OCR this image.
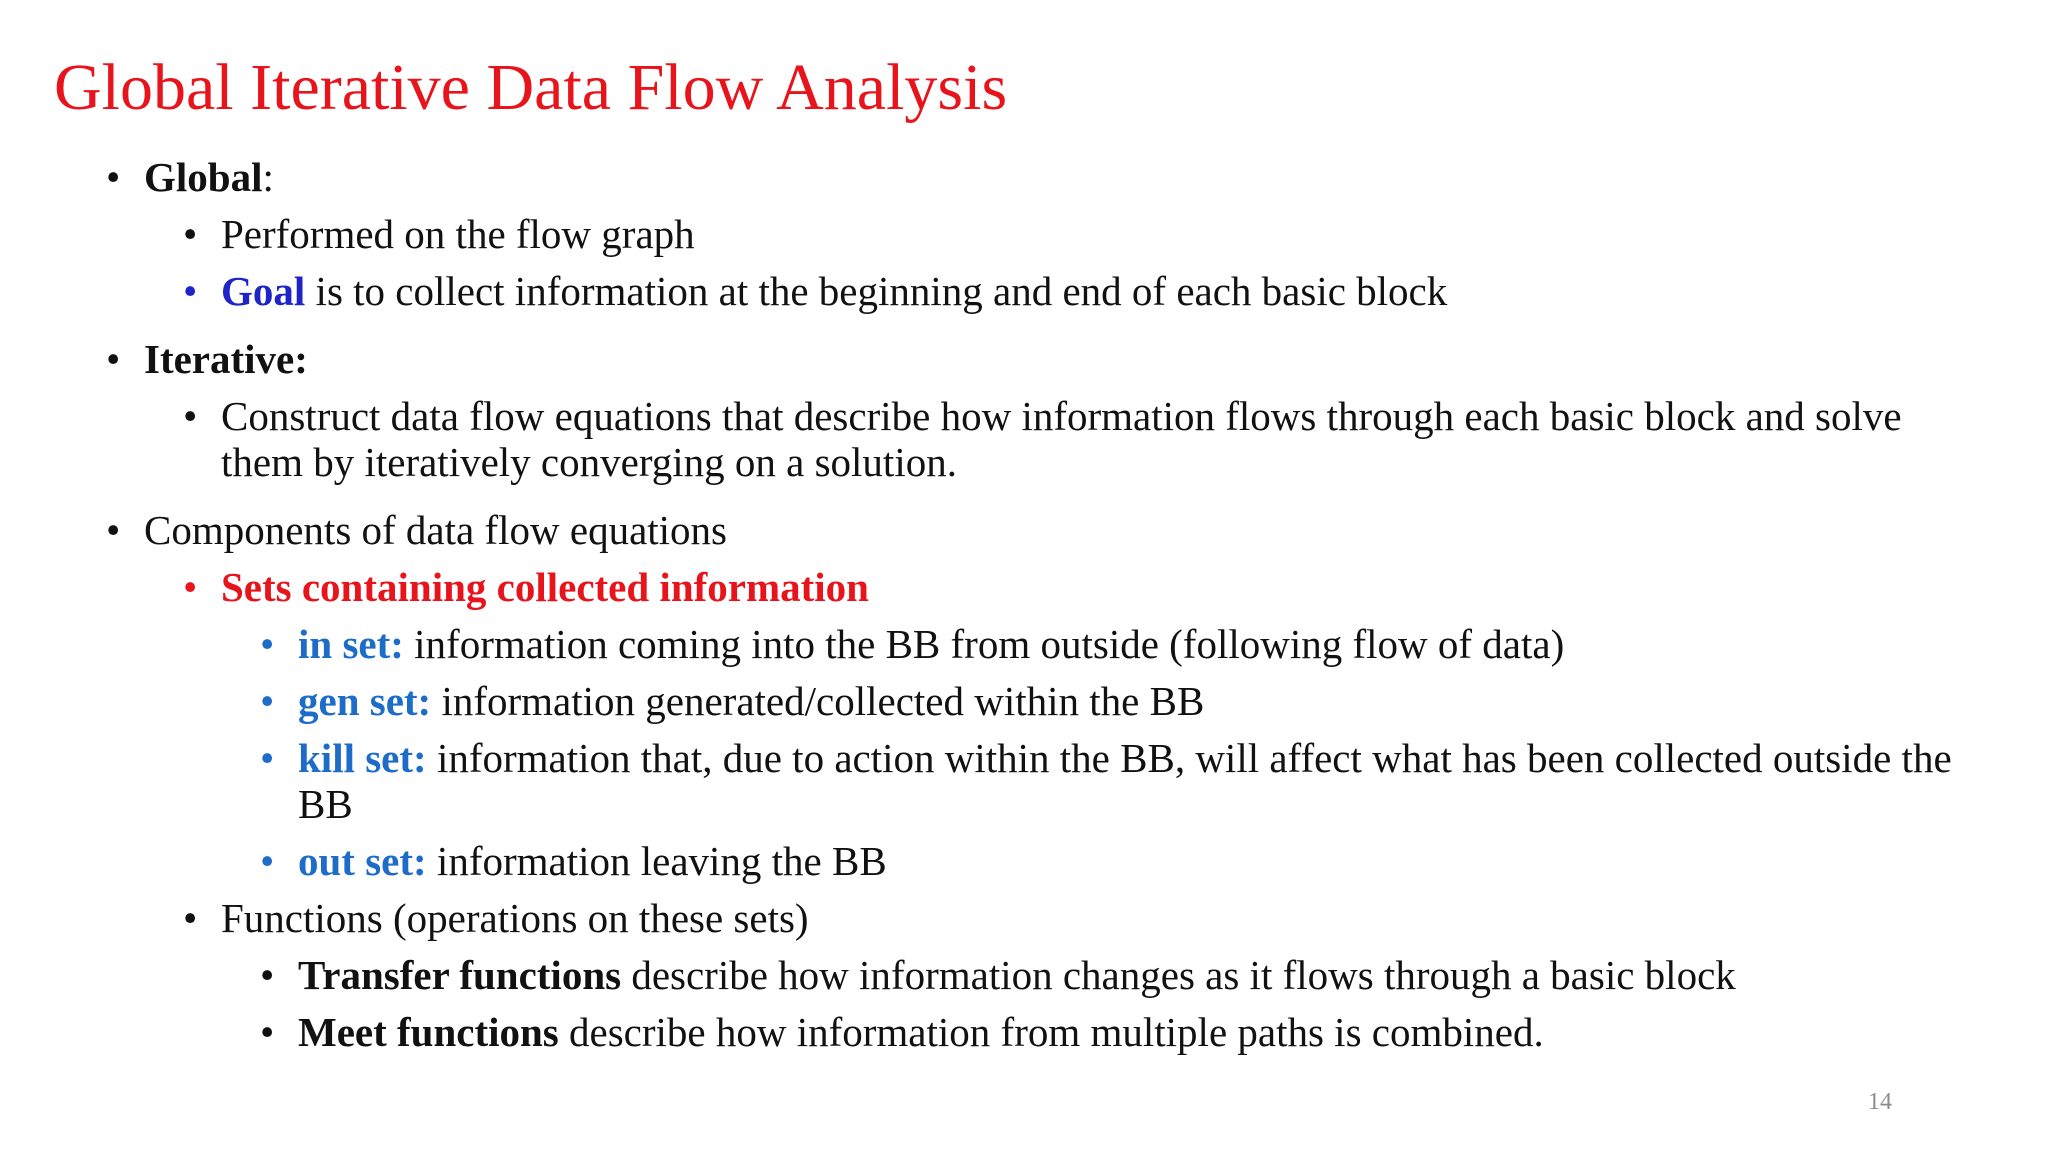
Global Iterative Data Flow Analysis
• Global:
• Performed on the flow graph
• Goal is to collect information at the beginning and end of each basic block
• Iterative:
• Construct data flow equations that describe how information flows through each basic block and solve them by iteratively converging on a solution.
• Components of data flow equations
• Sets containing collected information
• in set: information coming into the BB from outside (following flow of data)
• gen set: information generated/collected within the BB
• kill set: information that, due to action within the BB, will affect what has been collected outside the BB
• out set: information leaving the BB
• Functions (operations on these sets)
• Transfer functions describe how information changes as it flows through a basic block
• Meet functions describe how information from multiple paths is combined.
14
